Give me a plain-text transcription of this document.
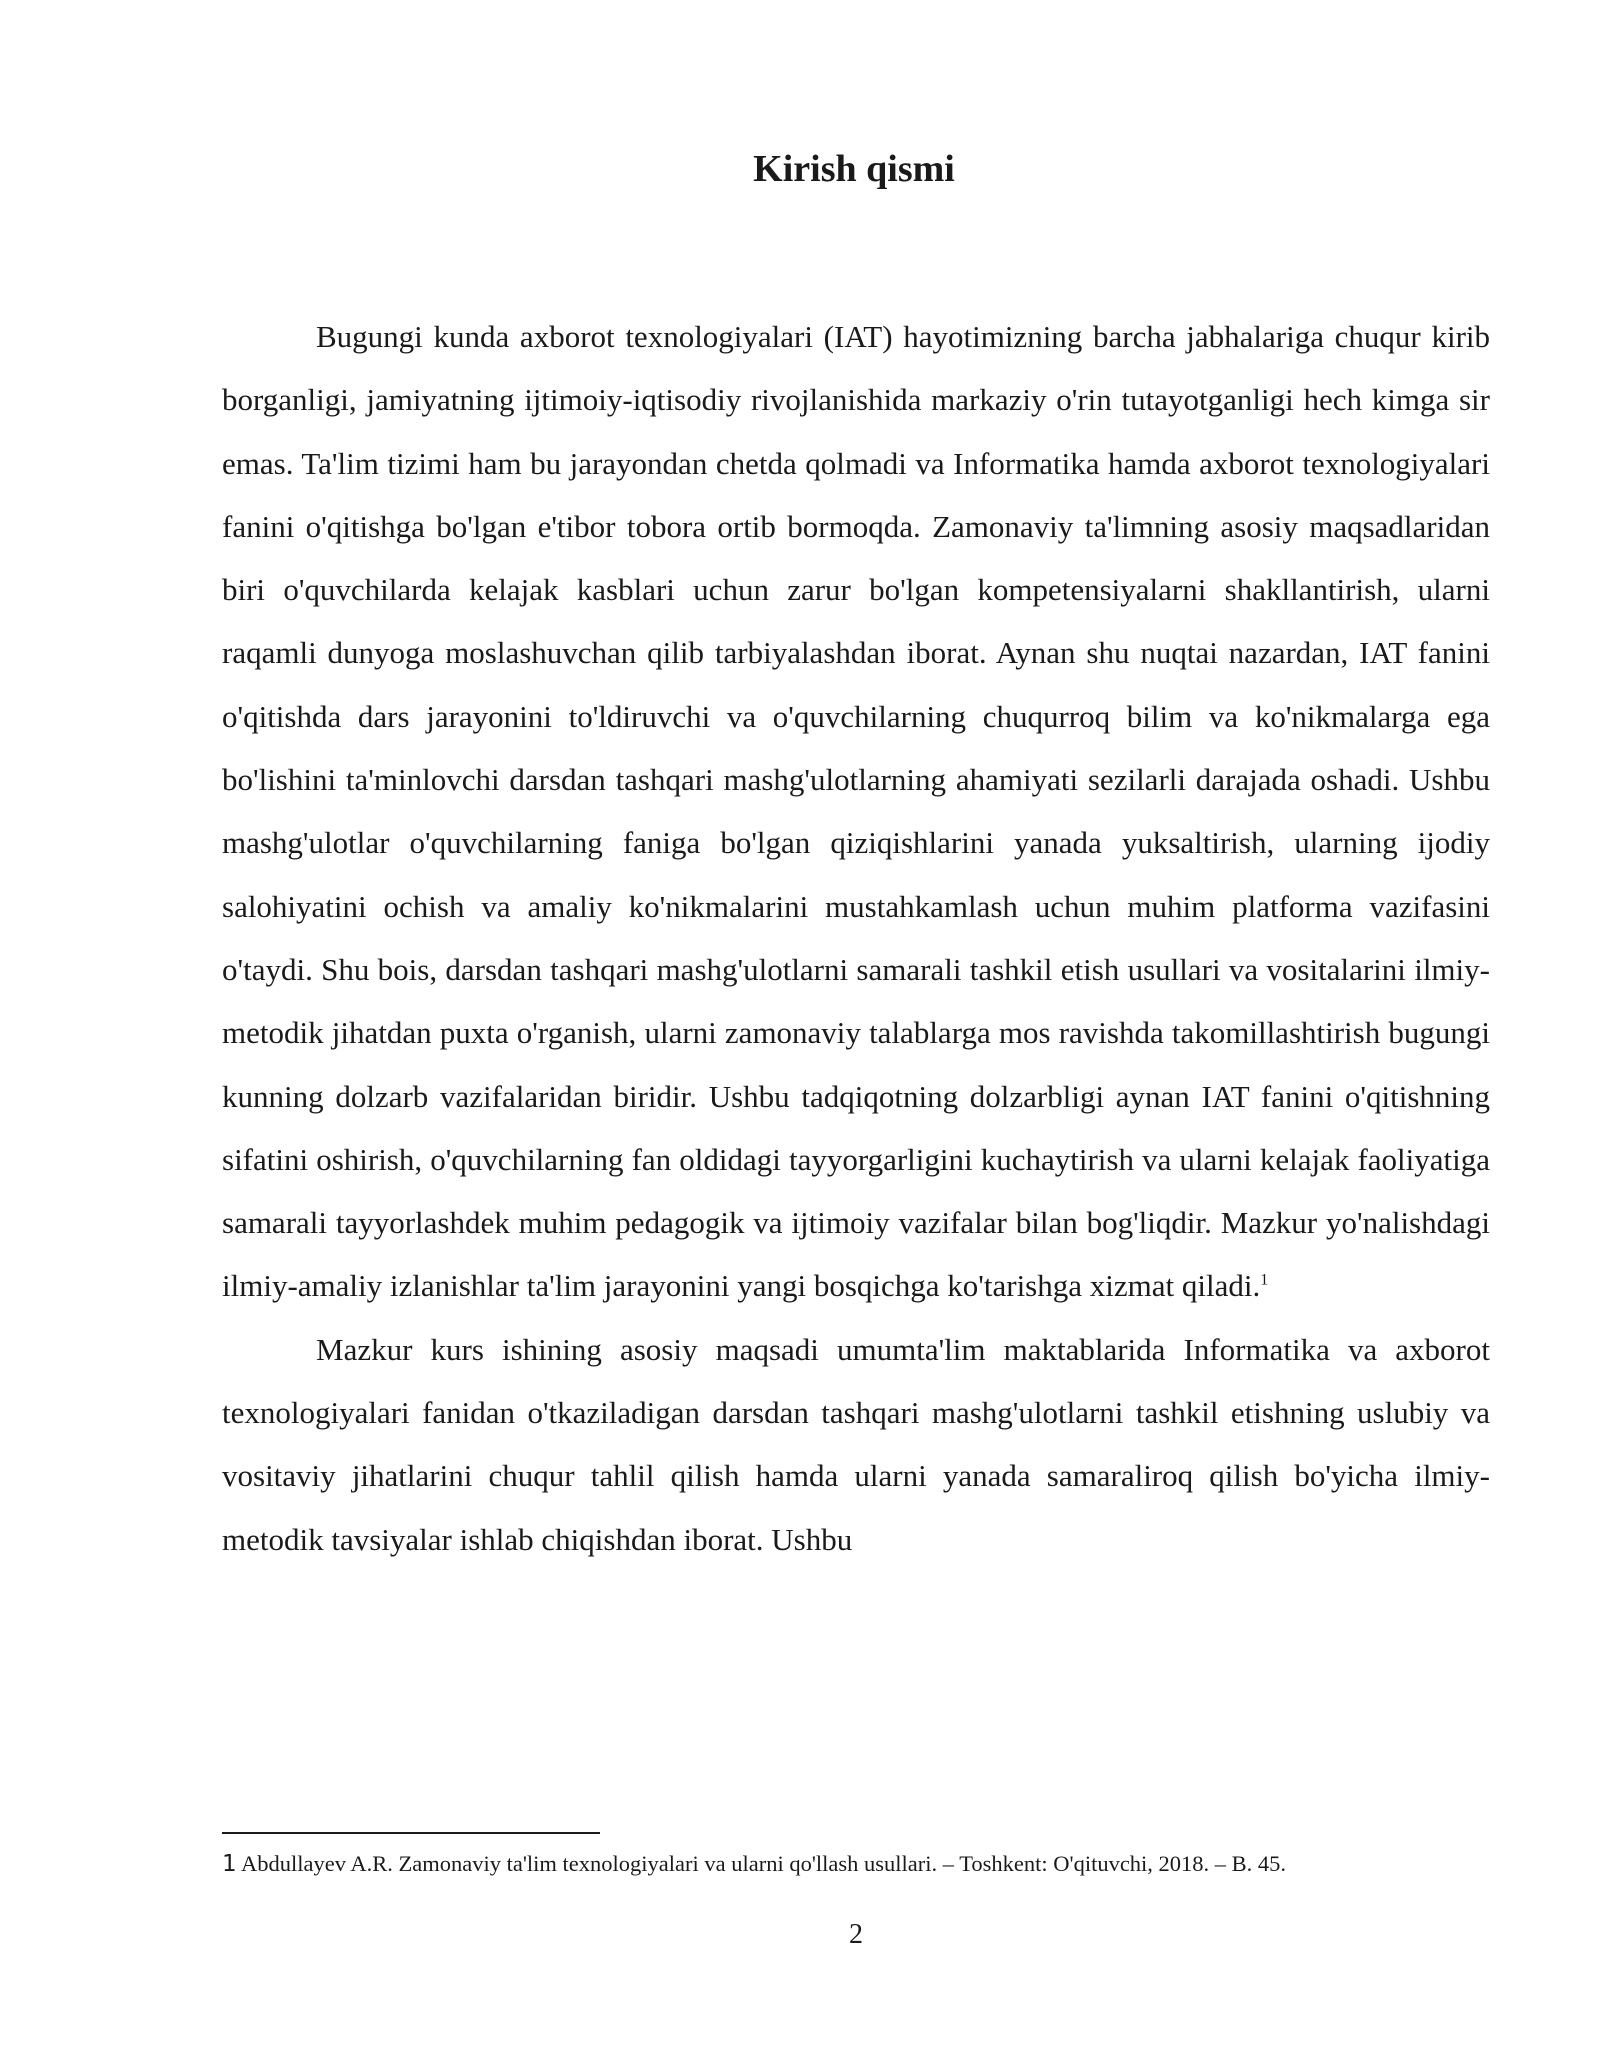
Kirish qismi

Bugungi kunda axborot texnologiyalari (IAT) hayotimizning barcha jabhalariga chuqur kirib borganligi, jamiyatning ijtimoiy-iqtisodiy rivojlanishida markaziy o'rin tutayotganligi hech kimga sir emas. Ta'lim tizimi ham bu jarayondan chetda qolmadi va Informatika hamda axborot texnologiyalari fanini o'qitishga bo'lgan e'tibor tobora ortib bormoqda. Zamonaviy ta'limning asosiy maqsadlaridan biri o'quvchilarda kelajak kasblari uchun zarur bo'lgan kompetensiyalarni shakllantirish, ularni raqamli dunyoga moslashuvchan qilib tarbiyalashdan iborat. Aynan shu nuqtai nazardan, IAT fanini o'qitishda dars jarayonini to'ldiruvchi va o'quvchilarning chuqurroq bilim va ko'nikmalarga ega bo'lishini ta'minlovchi darsdan tashqari mashg'ulotlarning ahamiyati sezilarli darajada oshadi. Ushbu mashg'ulotlar o'quvchilarning faniga bo'lgan qiziqishlarini yanada yuksaltirish, ularning ijodiy salohiyatini ochish va amaliy ko'nikmalarini mustahkamlash uchun muhim platforma vazifasini o'taydi. Shu bois, darsdan tashqari mashg'ulotlarni samarali tashkil etish usullari va vositalarini ilmiy-metodik jihatdan puxta o'rganish, ularni zamonaviy talablarga mos ravishda takomillashtirish bugungi kunning dolzarb vazifalaridan biridir. Ushbu tadqiqotning dolzarbligi aynan IAT fanini o'qitishning sifatini oshirish, o'quvchilarning fan oldidagi tayyorgarligini kuchaytirish va ularni kelajak faoliyatiga samarali tayyorlashdek muhim pedagogik va ijtimoiy vazifalar bilan bog'liqdir. Mazkur yo'nalishdagi ilmiy-amaliy izlanishlar ta'lim jarayonini yangi bosqichga ko'tarishga xizmat qiladi.$^1$

Mazkur kurs ishining asosiy maqsadi umumta'lim maktablarida Informatika va axborot texnologiyalari fanidan o'tkaziladigan darsdan tashqari mashg'ulotlarni tashkil etishning uslubiy va vositaviy jihatlarini chuqur tahlil qilish hamda ularni yanada samaraliroq qilish bo'yicha ilmiy-metodik tavsiyalar ishlab chiqishdan iborat. Ushbu

1 Abdullayev A.R. Zamonaviy ta'lim texnologiyalari va ularni qo'llash usullari. – Toshkent: O'qituvchi, 2018. – B. 45.
2
